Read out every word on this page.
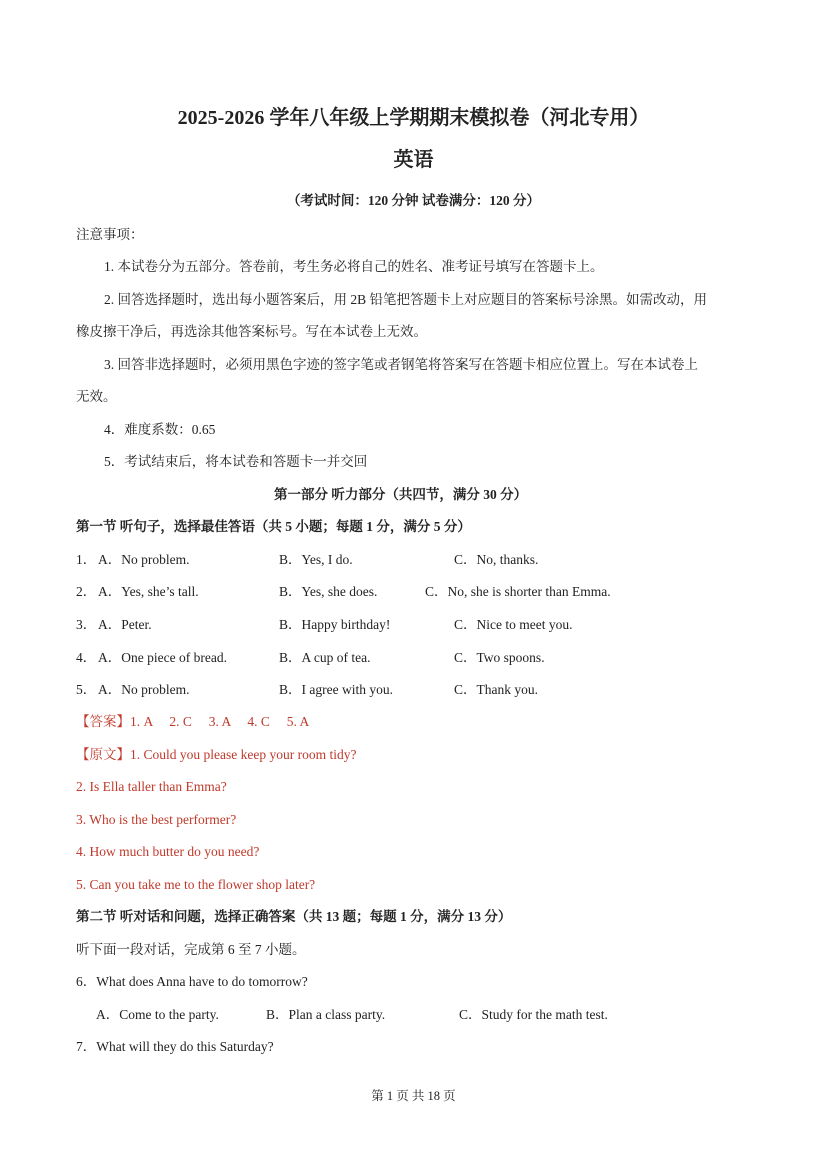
2025-2026 学年八年级上学期期末模拟卷（河北专用）
英语
（考试时间：120 分钟 试卷满分：120 分）
注意事项：
1. 本试卷分为五部分。答卷前，考生务必将自己的姓名、准考证号填写在答题卡上。
2. 回答选择题时，选出每小题答案后，用 2B 铅笔把答题卡上对应题目的答案标号涂黑。如需改动，用
橡皮擦干净后，再选涂其他答案标号。写在本试卷上无效。
3. 回答非选择题时，必须用黑色字迹的签字笔或者钢笔将答案写在答题卡相应位置上。写在本试卷上
无效。
4．难度系数：0.65
5．考试结束后，将本试卷和答题卡一并交回
第一部分 听力部分（共四节，满分 30 分）
第一节 听句子，选择最佳答语（共 5 小题；每题 1 分，满分 5 分）
1． A．No problem.	B．Yes, I do.	C．No, thanks.
2． A．Yes, she’s tall.	B．Yes, she does.	C．No, she is shorter than Emma.
3． A．Peter.	B．Happy birthday!	C．Nice to meet you.
4． A．One piece of bread.	B．A cup of tea.	C．Two spoons.
5． A．No problem.	B．I agree with you.	C．Thank you.
【答案】1. A     2. C     3. A     4. C     5. A
【原文】1. Could you please keep your room tidy?
2. Is Ella taller than Emma?
3. Who is the best performer?
4. How much butter do you need?
5. Can you take me to the flower shop later?
第二节 听对话和问题，选择正确答案（共 13 题；每题 1 分，满分 13 分）
听下面一段对话，完成第 6 至 7 小题。
6．What does Anna have to do tomorrow?
A．Come to the party.	B．Plan a class party.	C．Study for the math test.
7．What will they do this Saturday?
第 1 页 共 18 页
